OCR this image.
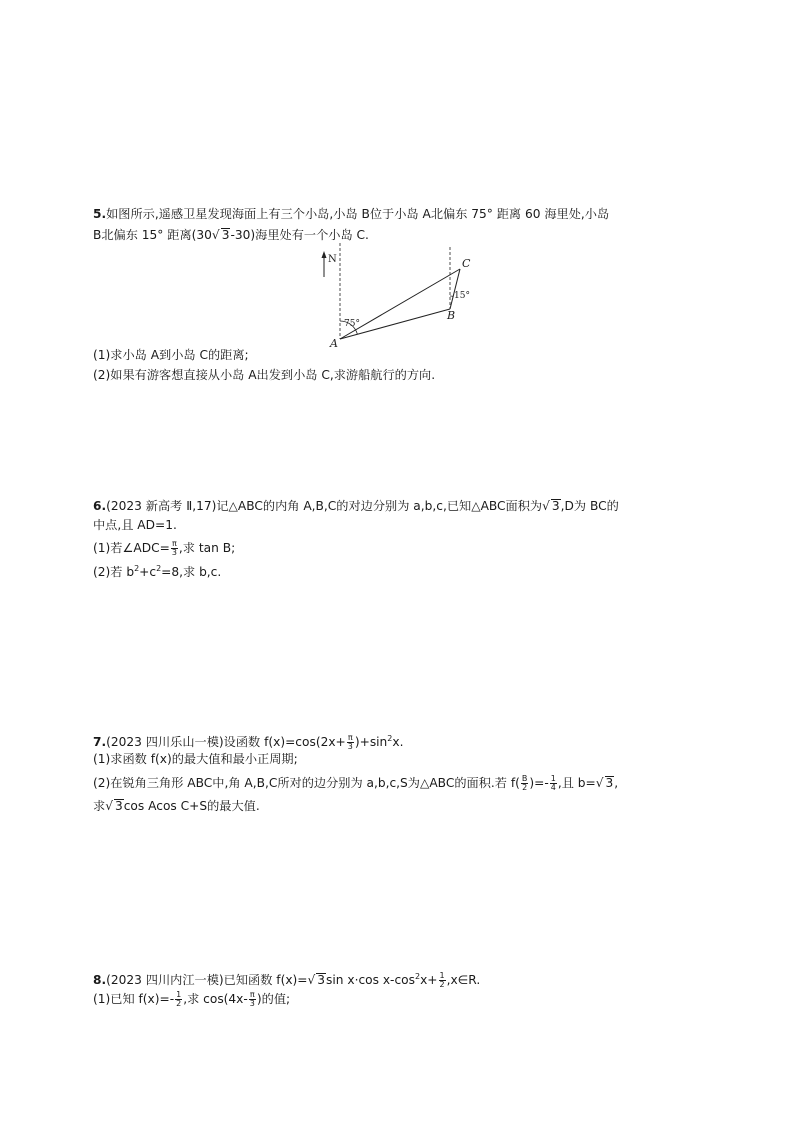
5.如图所示,遥感卫星发现海面上有三个小岛,小岛 B位于小岛 A北偏东 75° 距离 60 海里处,小岛
B北偏东 15° 距离(30√ 3-30)海里处有一个小岛 C.
N
75°
15°
A
B
C
(1)求小岛 A到小岛 C的距离;
(2)如果有游客想直接从小岛 A出发到小岛 C,求游船航行的方向.
6.(2023 新高考 Ⅱ,17)记△ABC的内角 A,B,C的对边分别为 a,b,c,已知△ABC面积为√ 3,D为 BC的
中点,且 AD=1.
(1)若∠ADC= $\frac{\pi}{3}$ ,求 tan B;
(2)若 $b^2+c^2=8$,求 b,c.
7.(2023 四川乐山一模)设函数 $f(x)=\cos(2x+ \frac{\pi}{3} )+\sin^2x$.
(1)求函数 f(x)的最大值和最小正周期;
(2)在锐角三角形 ABC中,角 A,B,C所对的边分别为 a,b,c,S为△ABC的面积.若 $f( \frac{B}{2}$ )=- $\frac{1}{4}$ ,且 b=√ 3,
求√ 3cos Acos C+S的最大值.
8.(2023 四川内江一模)已知函数 f(x)=√ 3sin x·cos $x-\cos^2x+ \frac{1}{2}$ ,x∈R.
(1)已知 $f(x)=- \frac{1}{2}$ ,求 $\cos(4x- \frac{\pi}{3}$ )的值;
